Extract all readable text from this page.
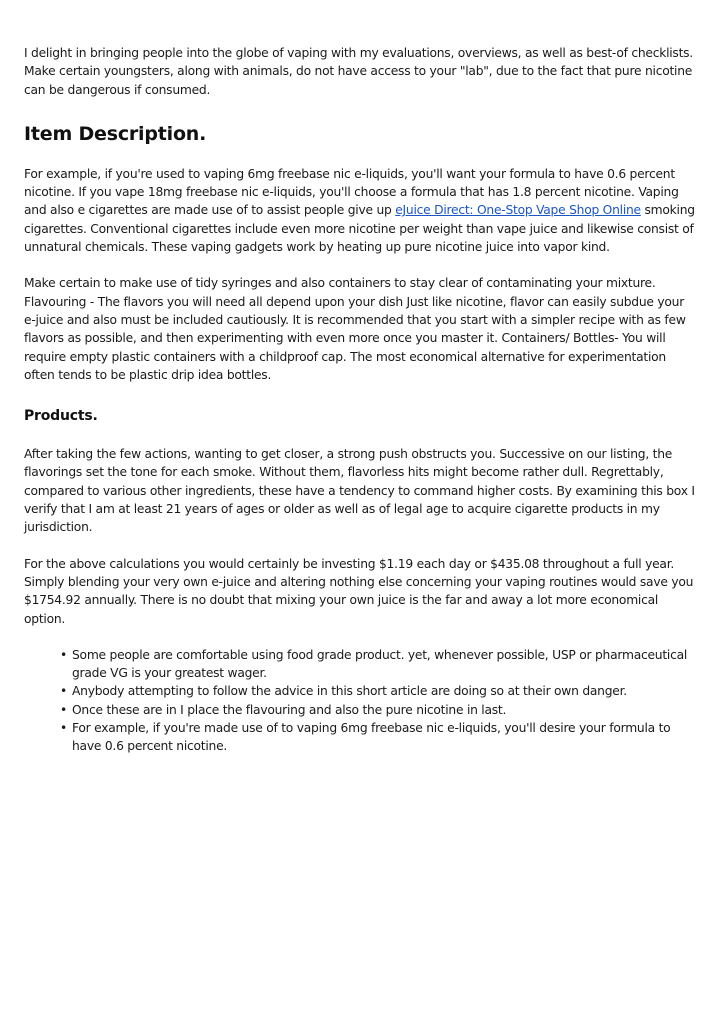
I delight in bringing people into the globe of vaping with my evaluations, overviews, as well as best-of checklists. Make certain youngsters, along with animals, do not have access to your "lab", due to the fact that pure nicotine can be dangerous if consumed.

Item Description.

For example, if you're used to vaping 6mg freebase nic e-liquids, you'll want your formula to have 0.6 percent nicotine. If you vape 18mg freebase nic e-liquids, you'll choose a formula that has 1.8 percent nicotine. Vaping and also e cigarettes are made use of to assist people give up eJuice Direct: One-Stop Vape Shop Online smoking cigarettes. Conventional cigarettes include even more nicotine per weight than vape juice and likewise consist of unnatural chemicals. These vaping gadgets work by heating up pure nicotine juice into vapor kind.

Make certain to make use of tidy syringes and also containers to stay clear of contaminating your mixture. Flavouring - The flavors you will need all depend upon your dish Just like nicotine, flavor can easily subdue your e-juice and also must be included cautiously. It is recommended that you start with a simpler recipe with as few flavors as possible, and then experimenting with even more once you master it. Containers/ Bottles- You will require empty plastic containers with a childproof cap. The most economical alternative for experimentation often tends to be plastic drip idea bottles.

Products.

After taking the few actions, wanting to get closer, a strong push obstructs you. Successive on our listing, the flavorings set the tone for each smoke. Without them, flavorless hits might become rather dull. Regrettably, compared to various other ingredients, these have a tendency to command higher costs. By examining this box I verify that I am at least 21 years of ages or older as well as of legal age to acquire cigarette products in my jurisdiction.

For the above calculations you would certainly be investing $1.19 each day or $435.08 throughout a full year. Simply blending your very own e-juice and altering nothing else concerning your vaping routines would save you $1754.92 annually. There is no doubt that mixing your own juice is the far and away a lot more economical option.

• Some people are comfortable using food grade product. yet, whenever possible, USP or pharmaceutical grade VG is your greatest wager.
• Anybody attempting to follow the advice in this short article are doing so at their own danger.
• Once these are in I place the flavouring and also the pure nicotine in last.
• For example, if you're made use of to vaping 6mg freebase nic e-liquids, you'll desire your formula to have 0.6 percent nicotine.
